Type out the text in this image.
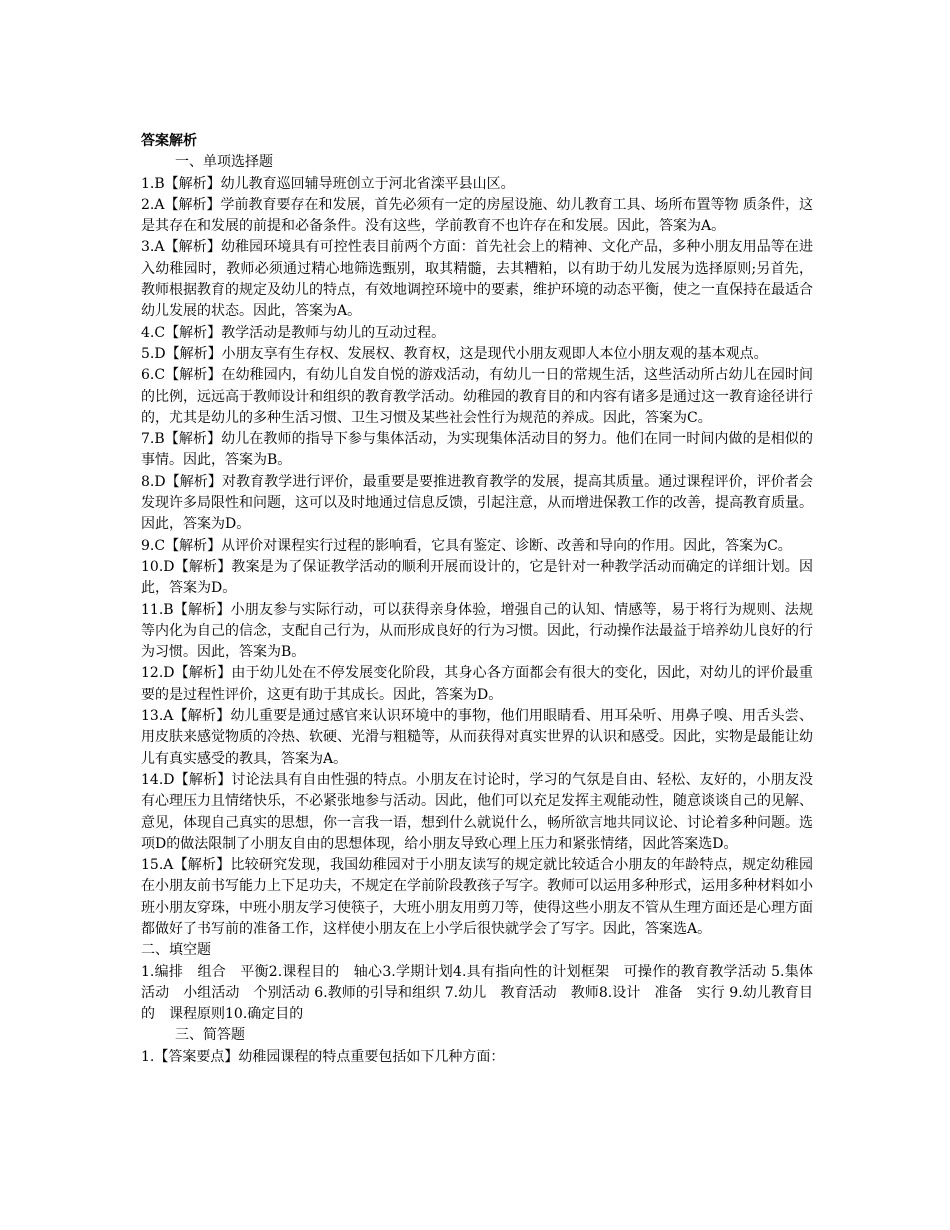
答案解析

一、单项选择题

1.B【解析】幼儿教育巡回辅导班创立于河北省滦平县山区。

2.A【解析】学前教育要存在和发展，首先必须有一定的房屋设施、幼儿教育工具、场所布置等物 质条件，这是其存在和发展的前提和必备条件。没有这些，学前教育不也许存在和发展。因此，答案为A。

3.A【解析】幼稚园环境具有可控性表目前两个方面：首先社会上的精神、文化产品，多种小朋友用品等在进入幼稚园时，教师必须通过精心地筛选甄别，取其精髓，去其糟粕，以有助于幼儿发展为选择原则;另首先，教师根据教育的规定及幼儿的特点，有效地调控环境中的要素，维护环境的动态平衡，使之一直保持在最适合幼儿发展的状态。因此，答案为A。

4.C【解析】教学活动是教师与幼儿的互动过程。

5.D【解析】小朋友享有生存权、发展权、教育权，这是现代小朋友观即人本位小朋友观的基本观点。

6.C【解析】在幼稚园内，有幼儿自发自悦的游戏活动，有幼儿一日的常规生活，这些活动所占幼儿在园时间的比例，远远高于教师设计和组织的教育教学活动。幼稚园的教育目的和内容有诸多是通过这一教育途径讲行的，尤其是幼儿的多种生活习惯、卫生习惯及某些社会性行为规范的养成。因此，答案为C。

7.B【解析】幼儿在教师的指导下参与集体活动，为实现集体活动目的努力。他们在同一时间内做的是相似的事情。因此，答案为B。

8.D【解析】对教育教学进行评价，最重要是要推进教育教学的发展，提高其质量。通过课程评价，评价者会发现许多局限性和问题，这可以及时地通过信息反馈，引起注意，从而增进保教工作的改善，提高教育质量。因此，答案为D。

9.C【解析】从评价对课程实行过程的影响看，它具有鉴定、诊断、改善和导向的作用。因此，答案为C。

10.D【解析】教案是为了保证教学活动的顺利开展而设计的，它是针对一种教学活动而确定的详细计划。因此，答案为D。

11.B【解析】小朋友参与实际行动，可以获得亲身体验，增强自己的认知、情感等，易于将行为规则、法规等内化为自己的信念，支配自己行为，从而形成良好的行为习惯。因此，行动操作法最益于培养幼儿良好的行为习惯。因此，答案为B。

12.D【解析】由于幼儿处在不停发展变化阶段，其身心各方面都会有很大的变化，因此，对幼儿的评价最重要的是过程性评价，这更有助于其成长。因此，答案为D。

13.A【解析】幼儿重要是通过感官来认识环境中的事物，他们用眼睛看、用耳朵听、用鼻子嗅、用舌头尝、用皮肤来感觉物质的冷热、软硬、光滑与粗糙等，从而获得对真实世界的认识和感受。因此，实物是最能让幼儿有真实感受的教具，答案为A。

14.D【解析】讨论法具有自由性强的特点。小朋友在讨论时，学习的气氛是自由、轻松、友好的，小朋友没有心理压力且情绪快乐，不必紧张地参与活动。因此，他们可以充足发挥主观能动性，随意谈谈自己的见解、意见，体现自己真实的思想，你一言我一语，想到什么就说什么，畅所欲言地共同议论、讨论着多种问题。选项D的做法限制了小朋友自由的思想体现，给小朋友导致心理上压力和紧张情绪，因此答案选D。

15.A【解析】比较研究发现，我国幼稚园对于小朋友读写的规定就比较适合小朋友的年龄特点，规定幼稚园在小朋友前书写能力上下足功夫，不规定在学前阶段教孩子写字。教师可以运用多种形式，运用多种材料如小班小朋友穿珠，中班小朋友学习使筷子，大班小朋友用剪刀等，使得这些小朋友不管从生理方面还是心理方面都做好了书写前的准备工作，这样使小朋友在上小学后很快就学会了写字。因此，答案选A。

二、填空题

1.编排　组合　平衡2.课程目的　轴心3.学期计划4.具有指向性的计划框架　可操作的教育教学活动 5.集体活动　小组活动　个别活动 6.教师的引导和组织 7.幼儿　教育活动　教师8.设计　准备　实行 9.幼儿教育目的　课程原则10.确定目的

三、简答题

1.【答案要点】幼稚园课程的特点重要包括如下几种方面：
